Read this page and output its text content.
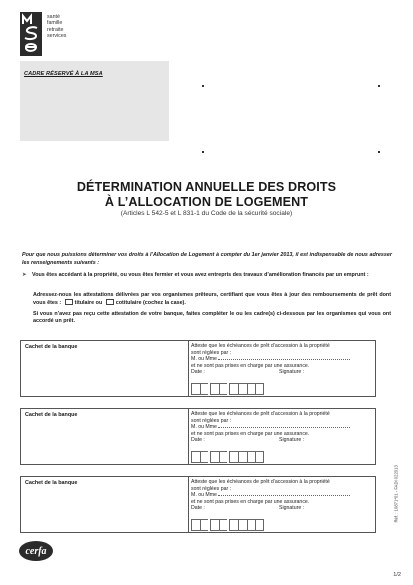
santé
famille
retraite
services
CADRE RÉSERVÉ À LA MSA
DÉTERMINATION ANNUELLE DES DROITS
À L’ALLOCATION DE LOGEMENT
(Articles L 542-5 et L 831-1 du Code de la sécurité sociale)
Pour que nous puissions déterminer vos droits à l’Allocation de Logement à compter du 1er janvier 2013, il est indispensable de nous adresser les renseignements suivants :
➤ Vous êtes accédant à la propriété, ou vous êtes fermier et vous avez entrepris des travaux d’amélioration financés par un emprunt :
Adressez-nous les attestations délivrées par vos organismes prêteurs, certifiant que vous êtes à jour des remboursements de prêt dont vous êtes :	titulaire ou	cotitulaire (cochez la case).
Si vous n’avez pas reçu cette attestation de votre banque, faites compléter le ou les cadre(s) ci-dessous par les organismes qui vous ont accordé un prêt.
Cachet de la banque	Atteste que les échéances de prêt d’accession à la propriété
sont réglées par :
M. ou Mme
et ne sont pas prises en charge par une assurance.
Date :	Signature :
Cachet de la banque	Atteste que les échéances de prêt d’accession à la propriété
sont réglées par :
M. ou Mme
et ne sont pas prises en charge par une assurance.
Date :	Signature :
Cachet de la banque	Atteste que les échéances de prêt d’accession à la propriété
sont réglées par :
M. ou Mme
et ne sont pas prises en charge par une assurance.
Date :	Signature :	Réf. : 10871*01 - FADI 022013
cerfa
1/2
